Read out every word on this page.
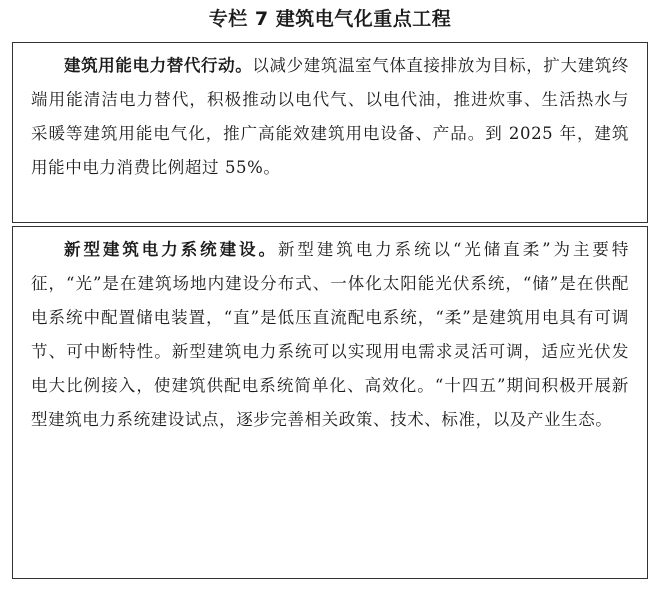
专栏 7 建筑电气化重点工程
建筑用能电力替代行动。以减少建筑温室气体直接排放为目标，扩大建筑终端用能清洁电力替代，积极推动以电代气、以电代油，推进炊事、生活热水与采暖等建筑用能电气化，推广高能效建筑用电设备、产品。到 2025 年，建筑用能中电力消费比例超过 55%。
新型建筑电力系统建设。新型建筑电力系统以“光储直柔”为主要特征，“光”是在建筑场地内建设分布式、一体化太阳能光伏系统，“储”是在供配电系统中配置储电装置，“直”是低压直流配电系统，“柔”是建筑用电具有可调节、可中断特性。新型建筑电力系统可以实现用电需求灵活可调，适应光伏发电大比例接入，使建筑供配电系统简单化、高效化。“十四五”期间积极开展新型建筑电力系统建设试点，逐步完善相关政策、技术、标准，以及产业生态。
